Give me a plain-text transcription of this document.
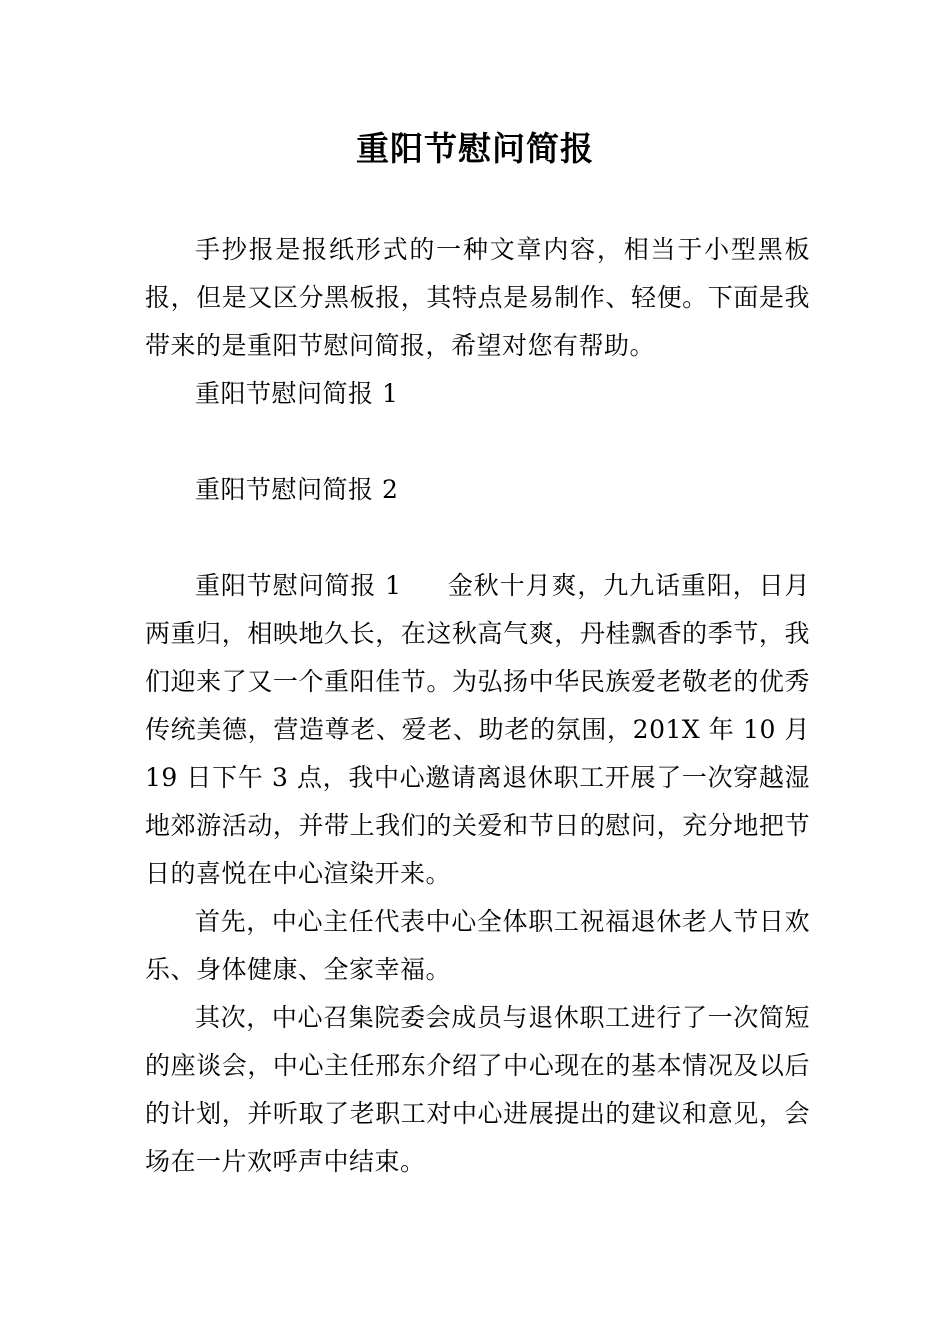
重阳节慰问简报

手抄报是报纸形式的一种文章内容，相当于小型黑板报，但是又区分黑板报，其特点是易制作、轻便。下面是我带来的是重阳节慰问简报，希望对您有帮助。

重阳节慰问简报 1

重阳节慰问简报 2

重阳节慰问简报 1 金秋十月爽，九九话重阳，日月两重归，相映地久长，在这秋高气爽，丹桂飘香的季节，我们迎来了又一个重阳佳节。为弘扬中华民族爱老敬老的优秀传统美德，营造尊老、爱老、助老的氛围，201X 年 10 月 19 日下午 3 点，我中心邀请离退休职工开展了一次穿越湿地郊游活动，并带上我们的关爱和节日的慰问，充分地把节日的喜悦在中心渲染开来。

首先，中心主任代表中心全体职工祝福退休老人节日欢乐、身体健康、全家幸福。

其次，中心召集院委会成员与退休职工进行了一次简短的座谈会，中心主任邢东介绍了中心现在的基本情况及以后的计划，并听取了老职工对中心进展提出的建议和意见，会场在一片欢呼声中结束。
